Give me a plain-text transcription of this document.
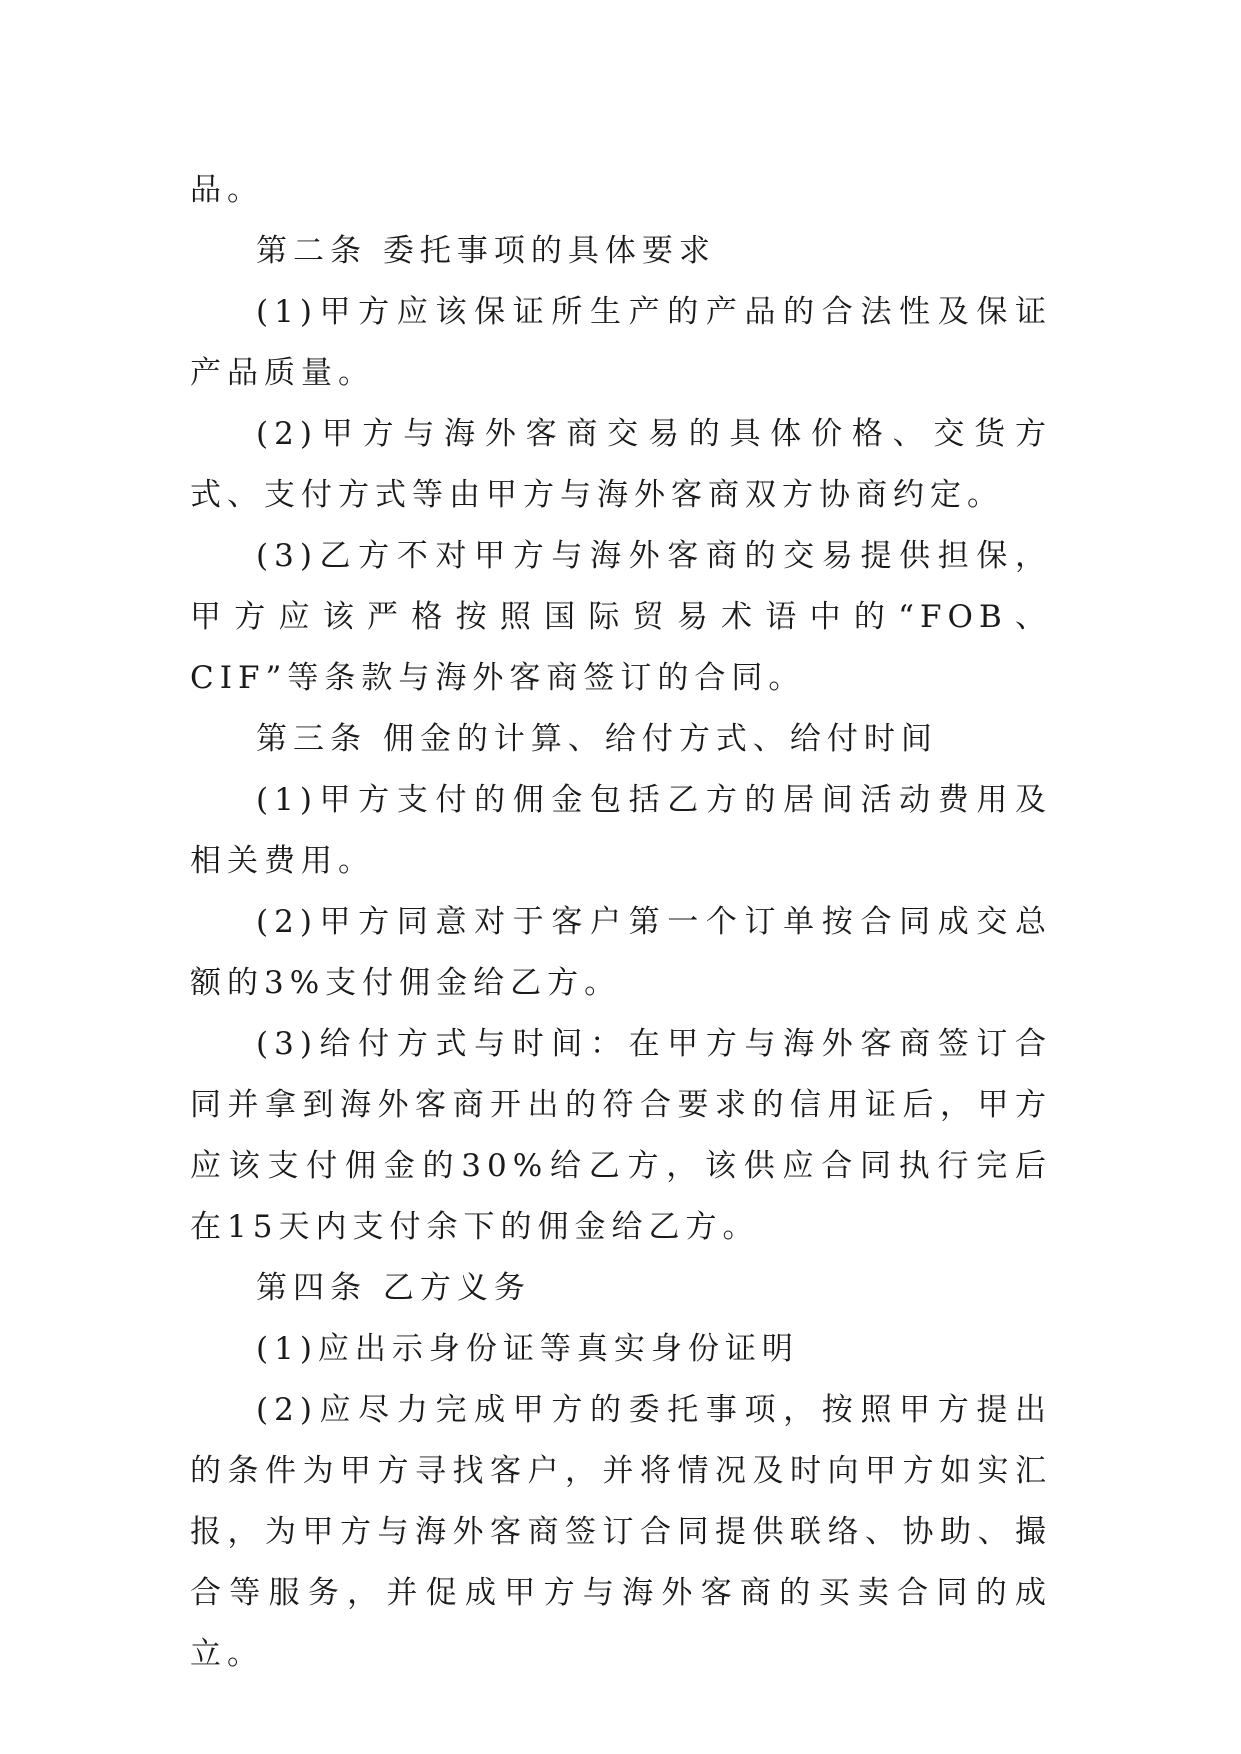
品。

第二条 委托事项的具体要求

(1)甲方应该保证所生产的产品的合法性及保证产品质量。

(2)甲方与海外客商交易的具体价格、交货方式、支付方式等由甲方与海外客商双方协商约定。

(3)乙方不对甲方与海外客商的交易提供担保，甲方应该严格按照国际贸易术语中的“FOB、CIF”等条款与海外客商签订的合同。

第三条 佣金的计算、给付方式、给付时间

(1)甲方支付的佣金包括乙方的居间活动费用及相关费用。

(2)甲方同意对于客户第一个订单按合同成交总额的3%支付佣金给乙方。

(3)给付方式与时间：在甲方与海外客商签订合同并拿到海外客商开出的符合要求的信用证后，甲方应该支付佣金的30%给乙方，该供应合同执行完后在15天内支付余下的佣金给乙方。

第四条 乙方义务

(1)应出示身份证等真实身份证明

(2)应尽力完成甲方的委托事项，按照甲方提出的条件为甲方寻找客户，并将情况及时向甲方如实汇报，为甲方与海外客商签订合同提供联络、协助、撮合等服务，并促成甲方与海外客商的买卖合同的成立。
